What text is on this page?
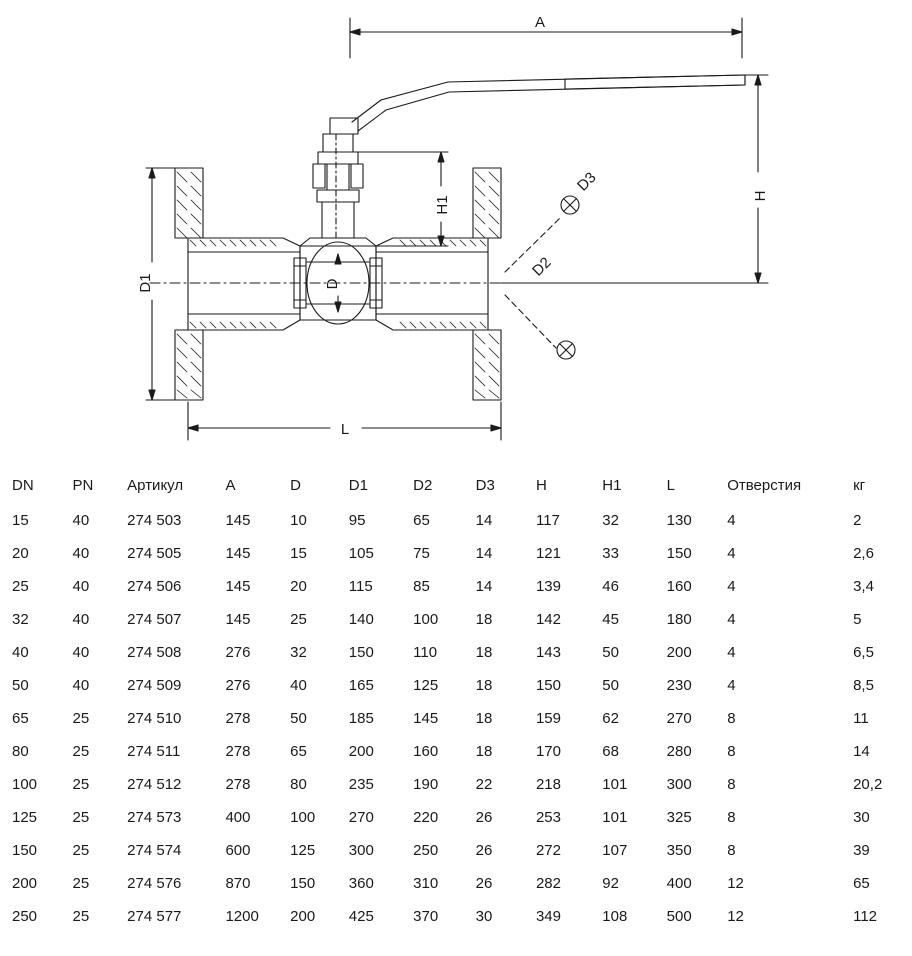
A
H
H1
D
D1
D2
D3
L
DN	PN	Артикул	A	D	D1	D2	D3	H	H1	L	Отверстия	кг
15	40	274 503	145	10	95	65	14	117	32	130	4	2
20	40	274 505	145	15	105	75	14	121	33	150	4	2,6
25	40	274 506	145	20	115	85	14	139	46	160	4	3,4
32	40	274 507	145	25	140	100	18	142	45	180	4	5
40	40	274 508	276	32	150	110	18	143	50	200	4	6,5
50	40	274 509	276	40	165	125	18	150	50	230	4	8,5
65	25	274 510	278	50	185	145	18	159	62	270	8	11
80	25	274 511	278	65	200	160	18	170	68	280	8	14
100	25	274 512	278	80	235	190	22	218	101	300	8	20,2
125	25	274 573	400	100	270	220	26	253	101	325	8	30
150	25	274 574	600	125	300	250	26	272	107	350	8	39
200	25	274 576	870	150	360	310	26	282	92	400	12	65
250	25	274 577	1200	200	425	370	30	349	108	500	12	112
